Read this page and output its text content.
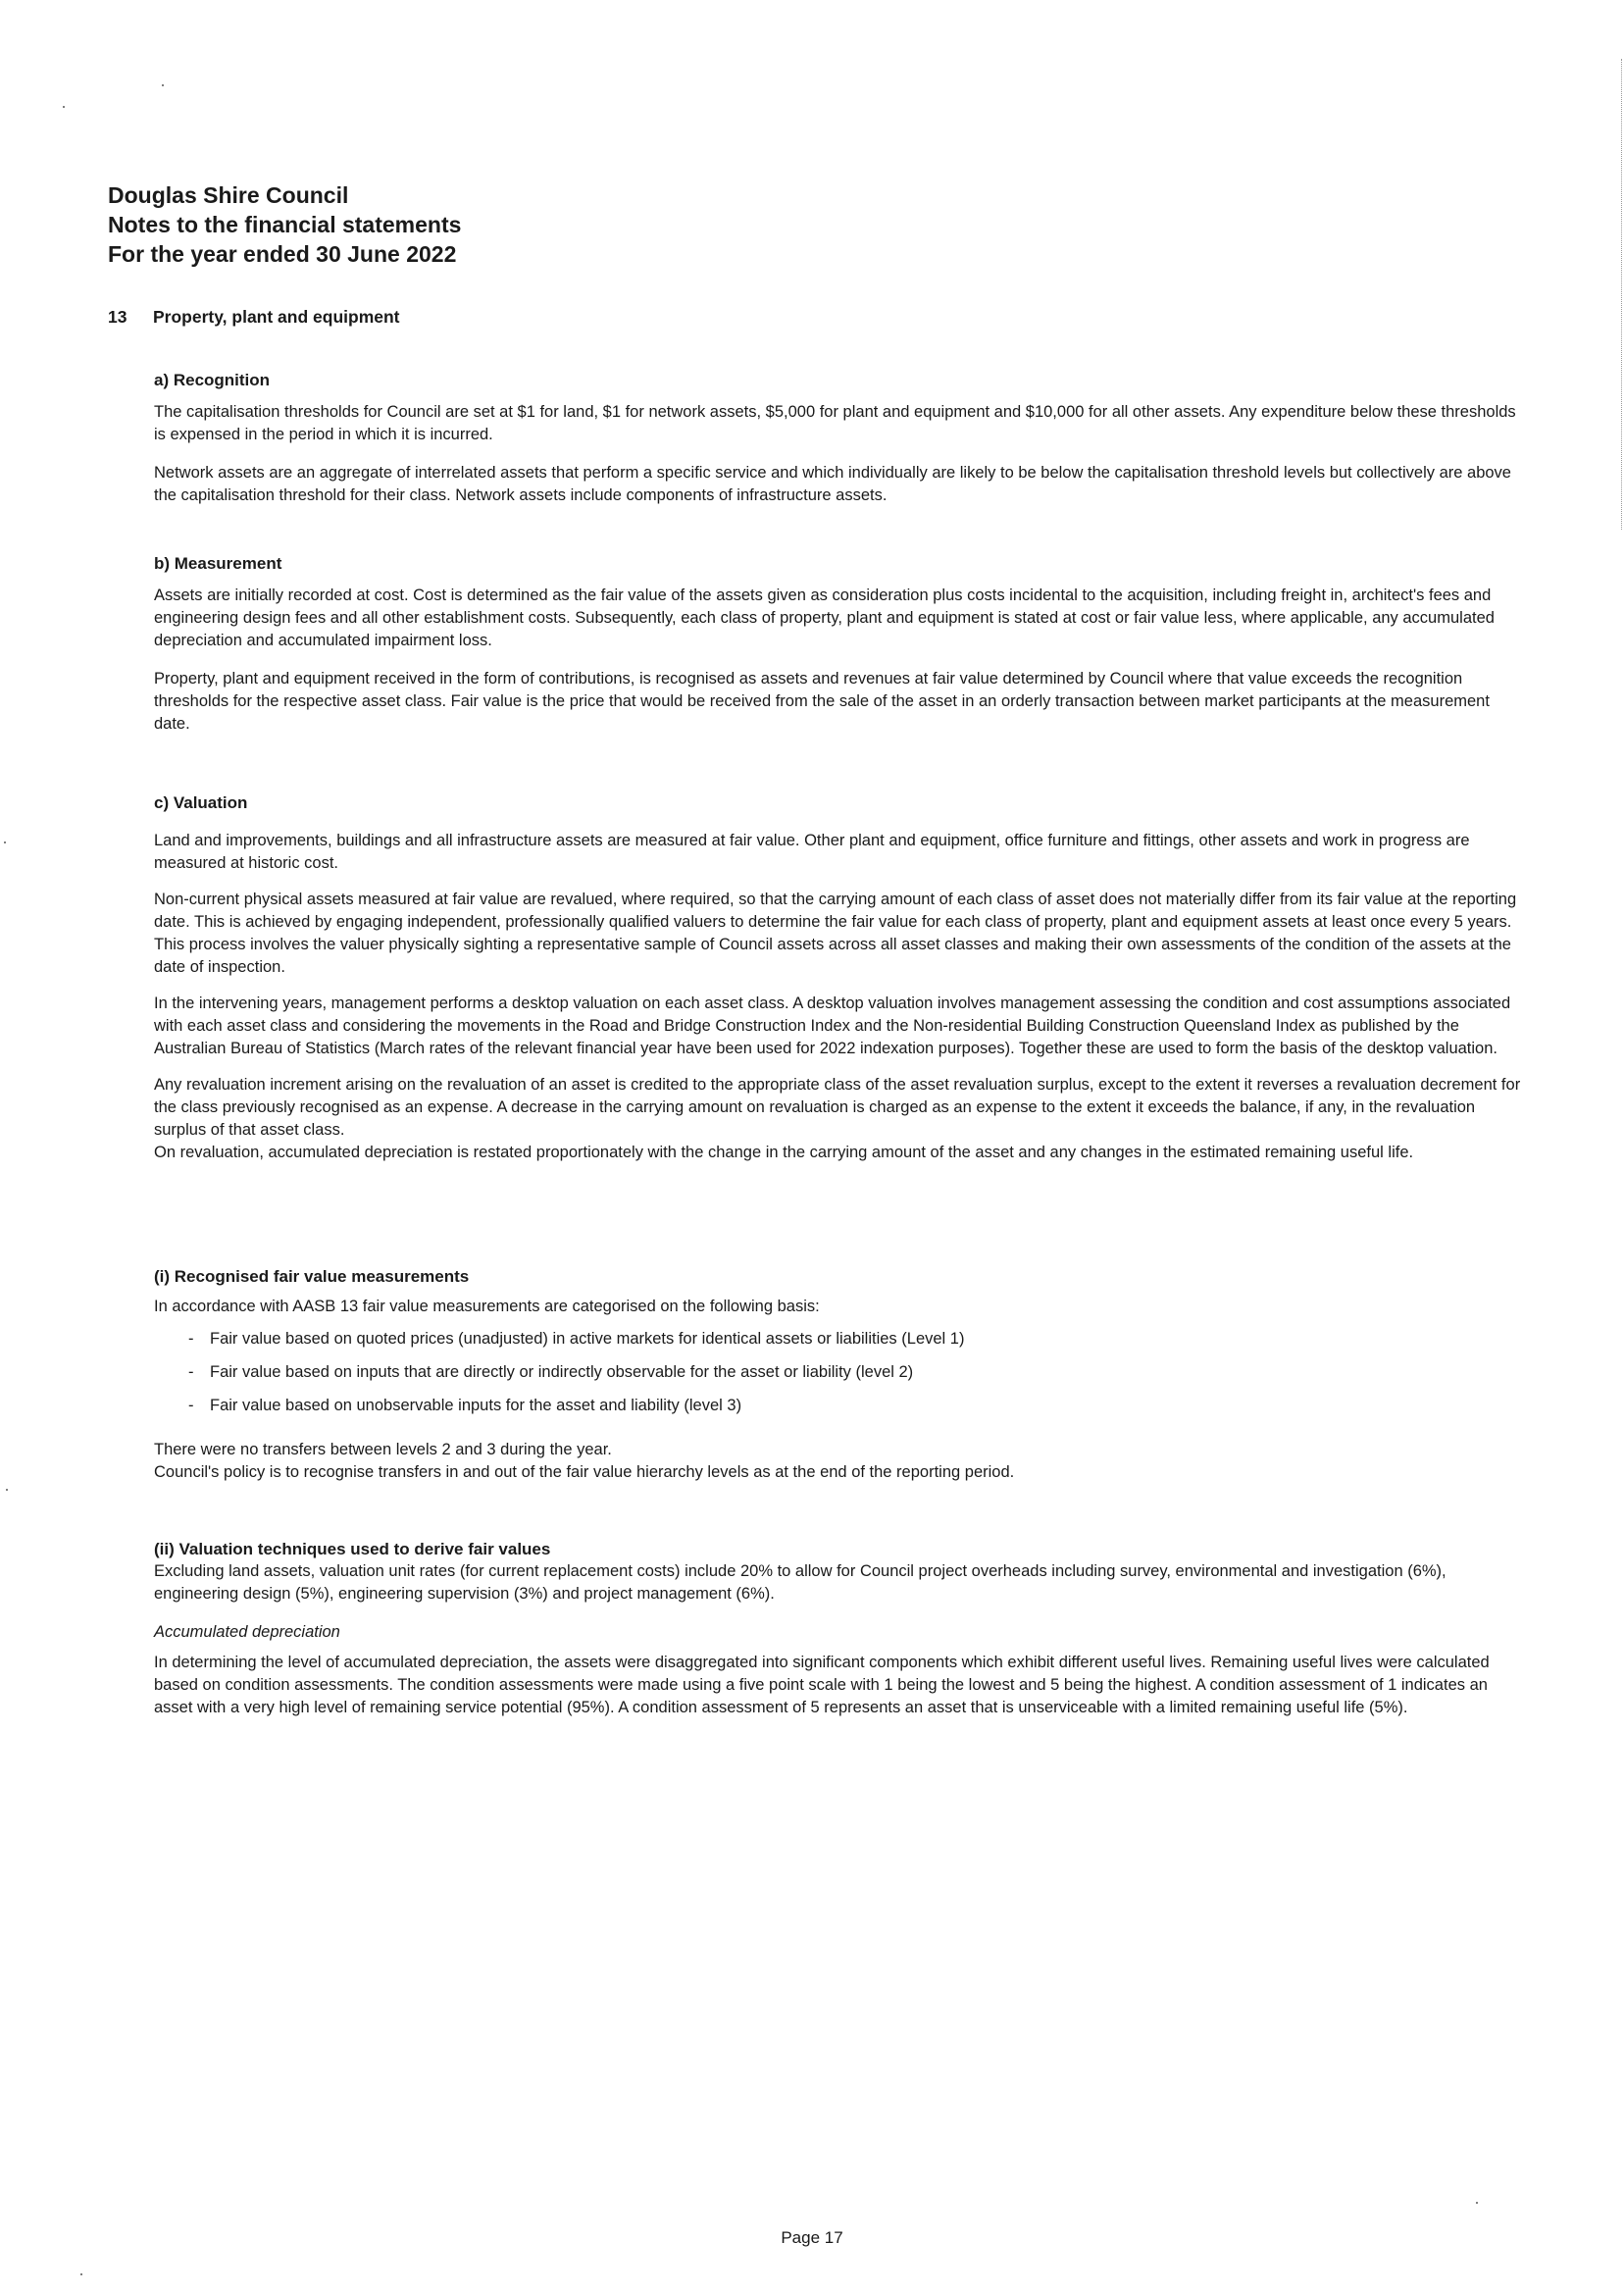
Douglas Shire Council
Notes to the financial statements
For the year ended 30 June 2022
13 Property, plant and equipment

a) Recognition

The capitalisation thresholds for Council are set at $1 for land, $1 for network assets, $5,000 for plant and equipment and $10,000 for all other assets. Any expenditure below these thresholds is expensed in the period in which it is incurred.

Network assets are an aggregate of interrelated assets that perform a specific service and which individually are likely to be below the capitalisation threshold levels but collectively are above the capitalisation threshold for their class. Network assets include components of infrastructure assets.

b) Measurement

Assets are initially recorded at cost. Cost is determined as the fair value of the assets given as consideration plus costs incidental to the acquisition, including freight in, architect's fees and engineering design fees and all other establishment costs. Subsequently, each class of property, plant and equipment is stated at cost or fair value less, where applicable, any accumulated depreciation and accumulated impairment loss.

Property, plant and equipment received in the form of contributions, is recognised as assets and revenues at fair value determined by Council where that value exceeds the recognition thresholds for the respective asset class. Fair value is the price that would be received from the sale of the asset in an orderly transaction between market participants at the measurement date.

c) Valuation

Land and improvements, buildings and all infrastructure assets are measured at fair value. Other plant and equipment, office furniture and fittings, other assets and work in progress are measured at historic cost.

Non-current physical assets measured at fair value are revalued, where required, so that the carrying amount of each class of asset does not materially differ from its fair value at the reporting date. This is achieved by engaging independent, professionally qualified valuers to determine the fair value for each class of property, plant and equipment assets at least once every 5 years. This process involves the valuer physically sighting a representative sample of Council assets across all asset classes and making their own assessments of the condition of the assets at the date of inspection.

In the intervening years, management performs a desktop valuation on each asset class. A desktop valuation involves management assessing the condition and cost assumptions associated with each asset class and considering the movements in the Road and Bridge Construction Index and the Non-residential Building Construction Queensland Index as published by the Australian Bureau of Statistics (March rates of the relevant financial year have been used for 2022 indexation purposes). Together these are used to form the basis of the desktop valuation.

Any revaluation increment arising on the revaluation of an asset is credited to the appropriate class of the asset revaluation surplus, except to the extent it reverses a revaluation decrement for the class previously recognised as an expense. A decrease in the carrying amount on revaluation is charged as an expense to the extent it exceeds the balance, if any, in the revaluation surplus of that asset class.

On revaluation, accumulated depreciation is restated proportionately with the change in the carrying amount of the asset and any changes in the estimated remaining useful life.

(i) Recognised fair value measurements

In accordance with AASB 13 fair value measurements are categorised on the following basis:

- Fair value based on quoted prices (unadjusted) in active markets for identical assets or liabilities (Level 1)
- Fair value based on inputs that are directly or indirectly observable for the asset or liability (level 2)
- Fair value based on unobservable inputs for the asset and liability (level 3)

There were no transfers between levels 2 and 3 during the year.

Council's policy is to recognise transfers in and out of the fair value hierarchy levels as at the end of the reporting period.

(ii) Valuation techniques used to derive fair values

Excluding land assets, valuation unit rates (for current replacement costs) include 20% to allow for Council project overheads including survey, environmental and investigation (6%), engineering design (5%), engineering supervision (3%) and project management (6%).

Accumulated depreciation

In determining the level of accumulated depreciation, the assets were disaggregated into significant components which exhibit different useful lives. Remaining useful lives were calculated based on condition assessments. The condition assessments were made using a five point scale with 1 being the lowest and 5 being the highest. A condition assessment of 1 indicates an asset with a very high level of remaining service potential (95%). A condition assessment of 5 represents an asset that is unserviceable with a limited remaining useful life (5%).

Page 17
